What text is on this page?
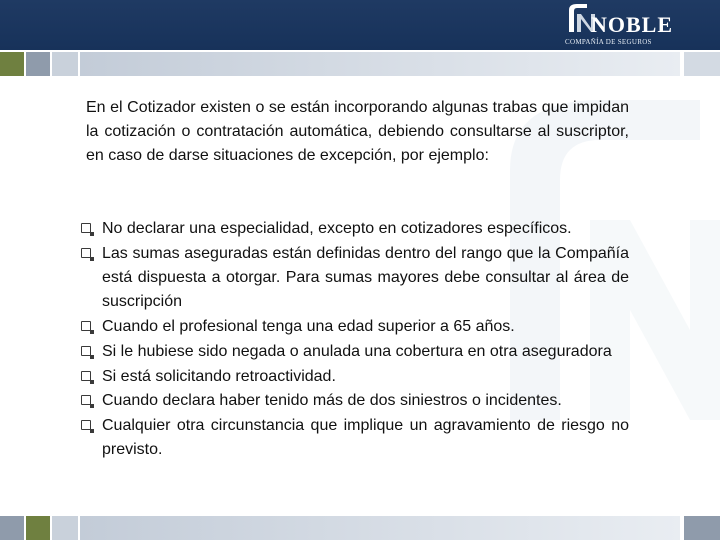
NOBLE
COMPAÑÍA DE SEGUROS
En el Cotizador existen o se están incorporando algunas trabas que impidan la cotización o contratación automática, debiendo consultarse al suscriptor, en caso de darse situaciones de excepción, por ejemplo:
No declarar una especialidad, excepto en cotizadores específicos.
Las sumas aseguradas están definidas dentro del rango que la Compañía está dispuesta a otorgar. Para sumas mayores debe consultar al área de suscripción
Cuando el profesional tenga una edad superior a 65 años.
Si le hubiese sido negada o anulada una cobertura en otra aseguradora
Si está solicitando retroactividad.
Cuando declara haber tenido más de dos siniestros o incidentes.
Cualquier otra circunstancia que implique un agravamiento de riesgo no previsto.
